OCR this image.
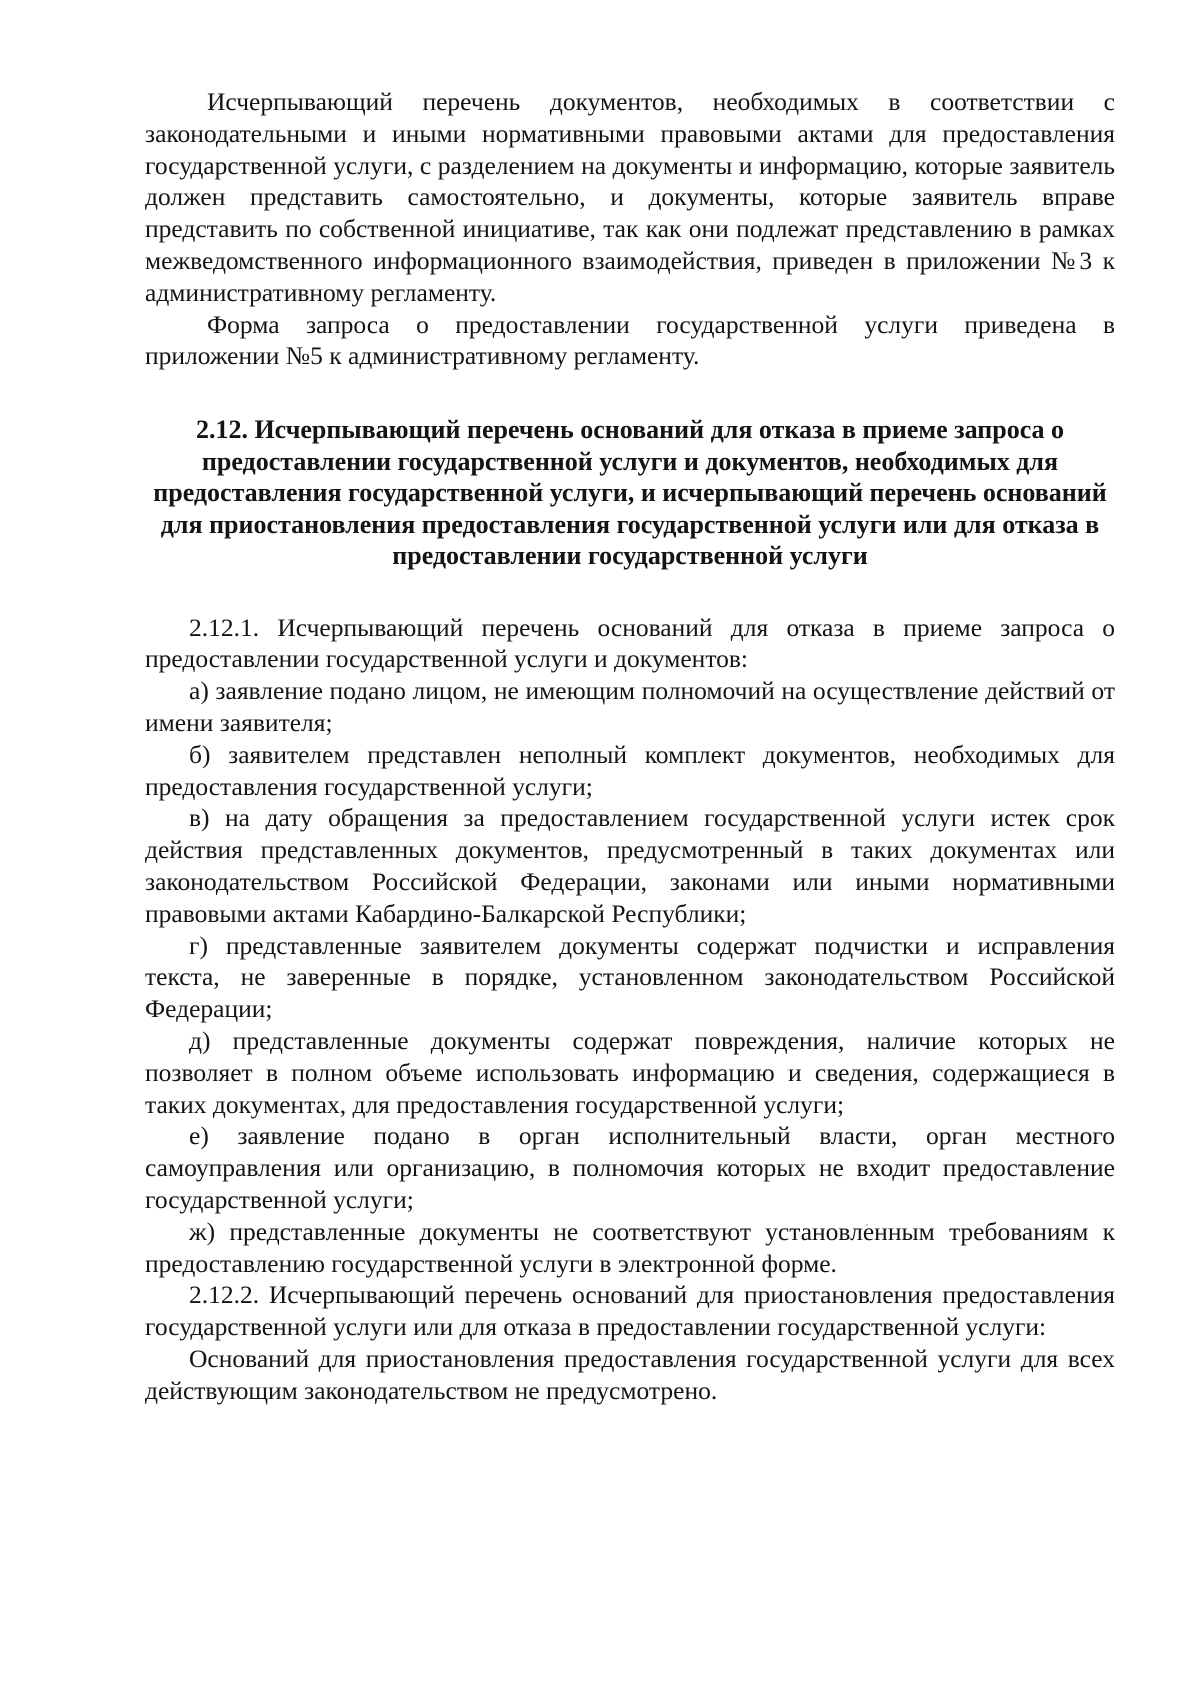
Исчерпывающий перечень документов, необходимых в соответствии с законодательными и иными нормативными правовыми актами для предоставления государственной услуги, с разделением на документы и информацию, которые заявитель должен представить самостоятельно, и документы, которые заявитель вправе представить по собственной инициативе, так как они подлежат представлению в рамках межведомственного информационного взаимодействия, приведен в приложении №3 к административному регламенту.

Форма запроса о предоставлении государственной услуги приведена в приложении №5 к административному регламенту.

2.12. Исчерпывающий перечень оснований для отказа в приеме запроса о предоставлении государственной услуги и документов, необходимых для предоставления государственной услуги, и исчерпывающий перечень оснований для приостановления предоставления государственной услуги или для отказа в предоставлении государственной услуги

2.12.1. Исчерпывающий перечень оснований для отказа в приеме запроса о предоставлении государственной услуги и документов:

а) заявление подано лицом, не имеющим полномочий на осуществление действий от имени заявителя;

б) заявителем представлен неполный комплект документов, необходимых для предоставления государственной услуги;

в) на дату обращения за предоставлением государственной услуги истек срок действия представленных документов, предусмотренный в таких документах или законодательством Российской Федерации, законами или иными нормативными правовыми актами Кабардино-Балкарской Республики;

г) представленные заявителем документы содержат подчистки и исправления текста, не заверенные в порядке, установленном законодательством Российской Федерации;

д) представленные документы содержат повреждения, наличие которых не позволяет в полном объеме использовать информацию и сведения, содержащиеся в таких документах, для предоставления государственной услуги;

е) заявление подано в орган исполнительный власти, орган местного самоуправления или организацию, в полномочия которых не входит предоставление государственной услуги;

ж) представленные документы не соответствуют установленным требованиям к предоставлению государственной услуги в электронной форме.

2.12.2. Исчерпывающий перечень оснований для приостановления предоставления государственной услуги или для отказа в предоставлении государственной услуги:

Оснований для приостановления предоставления государственной услуги для всех действующим законодательством не предусмотрено.
